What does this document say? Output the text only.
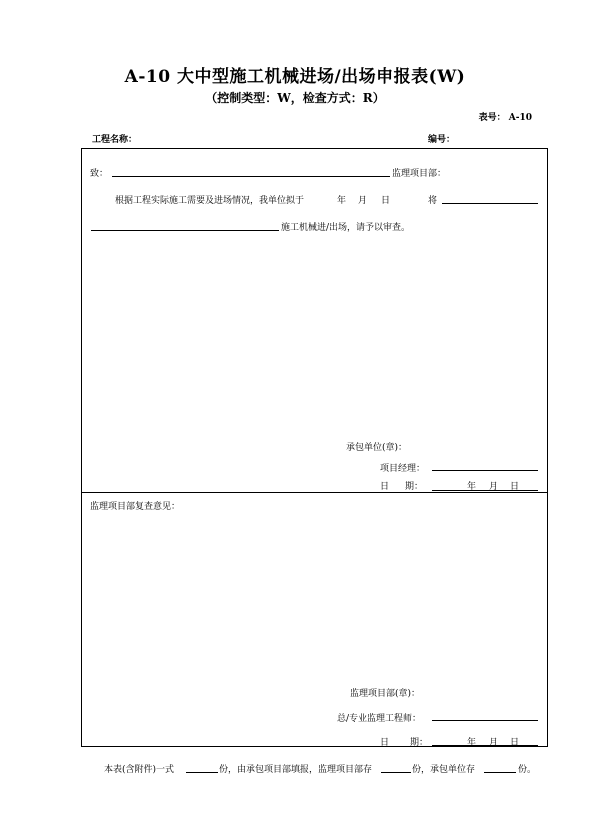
A-10 大中型施工机械进场/出场申报表(W)
（控制类型：W，检查方式：R）
表号： A-10
工程名称：	编号：
致：	监理项目部：
根据工程实际施工需要及进场情况，我单位拟于	年 月 日	将
施工机械进/出场，请予以审查。
承包单位(章)：
项目经理：
日 期：	年 月 日
监理项目部复查意见：
监理项目部(章)：
总/专业监理工程师：
日 期：	年 月 日
本表(含附件)一式	份，由承包项目部填报，监理项目部存	份，承包单位存	份。
